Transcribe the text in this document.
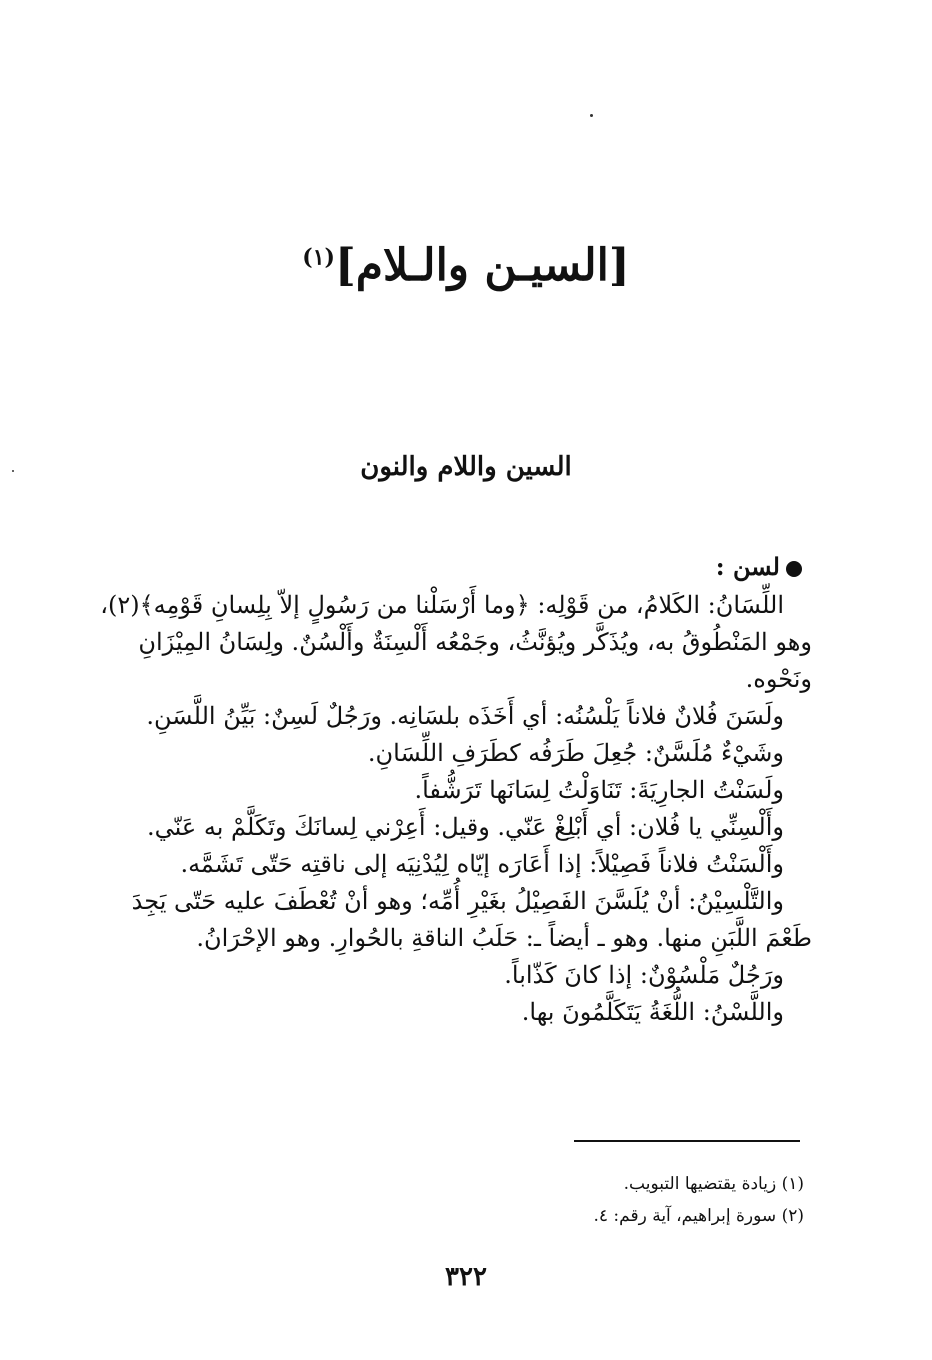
[السيـن والـلام]$^{(١)}$
السين واللام والنون
لسن :

اللِّسَانُ: الكَلامُ، من قَوْلِه: ﴿وما أَرْسَلْنا من رَسُولٍ إلاّ بِلِسانِ قَوْمِه﴾(٢)، وهو المَنْطُوقُ به، ويُذَكَّر ويُؤنَّثُ، وجَمْعُه أَلْسِنَةٌ وأَلْسُنٌ. ولِسَانُ المِيْزَانِ ونَحْوه.

ولَسَنَ فُلانٌ فلاناً يَلْسُنُه: أي أَخَذَه بلسَانِه. ورَجُلٌ لَسِنٌ: بَيِّنُ اللَّسَنِ.

وشَيْءٌ مُلَسَّنٌ: جُعِلَ طَرَفُه كطَرَفِ اللِّسَانِ.

ولَسَنْتُ الجارِيَةَ: تَنَاوَلْتُ لِسَانَها تَرَشُّفاً.

وأَلْسِنِّي يا فُلان: أي أَبْلِغْ عَنّي. وقيل: أَعِرْني لِسانَكَ وتَكَلَّمْ به عَنّي.

وأَلْسَنْتُ فلاناً فَصِيْلاً: إذا أَعَارَه إيّاه لِيُدْنِيَه إلى ناقتِه حَتّى تَشَمَّه.

والتَّلْسِيْنُ: أنْ يُلَسَّنَ الفَصِيْلُ بغَيْرِ أُمِّه؛ وهو أنْ تُعْطَفَ عليه حَتّى يَجِدَ طَعْمَ اللَّبَنِ منها. وهو ـ أيضاً ـ: حَلَبُ الناقةِ بالحُوارِ. وهو الإحْرَانُ.

ورَجُلٌ مَلْسُوْنٌ: إذا كانَ كَذّاباً.

واللَّسْنُ: اللُّغَةُ يَتَكَلَّمُونَ بها.

(١) زيادة يقتضيها التبويب.
(٢) سورة إبراهيم، آية رقم: ٤.
٣٢٢
